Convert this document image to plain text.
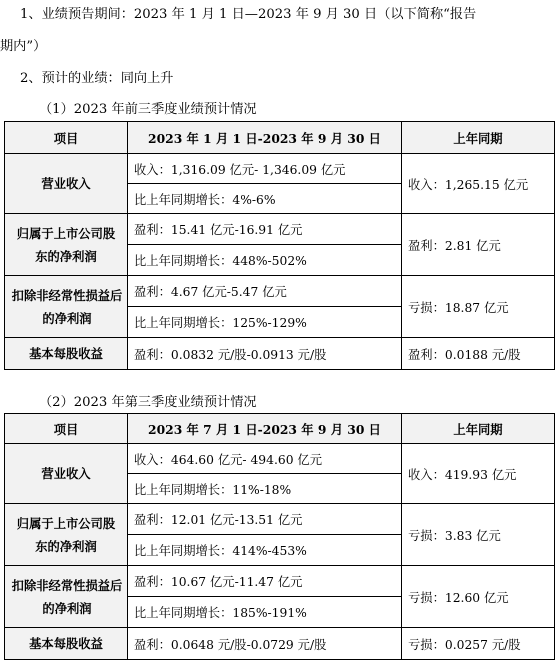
1、业绩预告期间：2023 年 1 月 1 日—2023 年 9 月 30 日（以下简称“报告
期内”）
2、预计的业绩：同向上升
（1）2023 年前三季度业绩预计情况
项目	2023 年 1 月 1 日-2023 年 9 月 30 日	上年同期
营业收入	收入：1,316.09 亿元- 1,346.09 亿元	收入：1,265.15 亿元
	比上年同期增长：4%-6%	
归属于上市公司股东的净利润	盈利：15.41 亿元-16.91 亿元	盈利：2.81 亿元
	比上年同期增长：448%-502%	
扣除非经常性损益后的净利润	盈利：4.67 亿元-5.47 亿元	亏损：18.87 亿元
	比上年同期增长：125%-129%	
基本每股收益	盈利：0.0832 元/股-0.0913 元/股	盈利：0.0188 元/股
（2）2023 年第三季度业绩预计情况
项目	2023 年 7 月 1 日-2023 年 9 月 30 日	上年同期
营业收入	收入：464.60 亿元- 494.60 亿元	收入：419.93 亿元
	比上年同期增长：11%-18%	
归属于上市公司股东的净利润	盈利：12.01 亿元-13.51 亿元	亏损：3.83 亿元
	比上年同期增长：414%-453%	
扣除非经常性损益后的净利润	盈利：10.67 亿元-11.47 亿元	亏损：12.60 亿元
	比上年同期增长：185%-191%	
基本每股收益	盈利：0.0648 元/股-0.0729 元/股	亏损：0.0257 元/股
